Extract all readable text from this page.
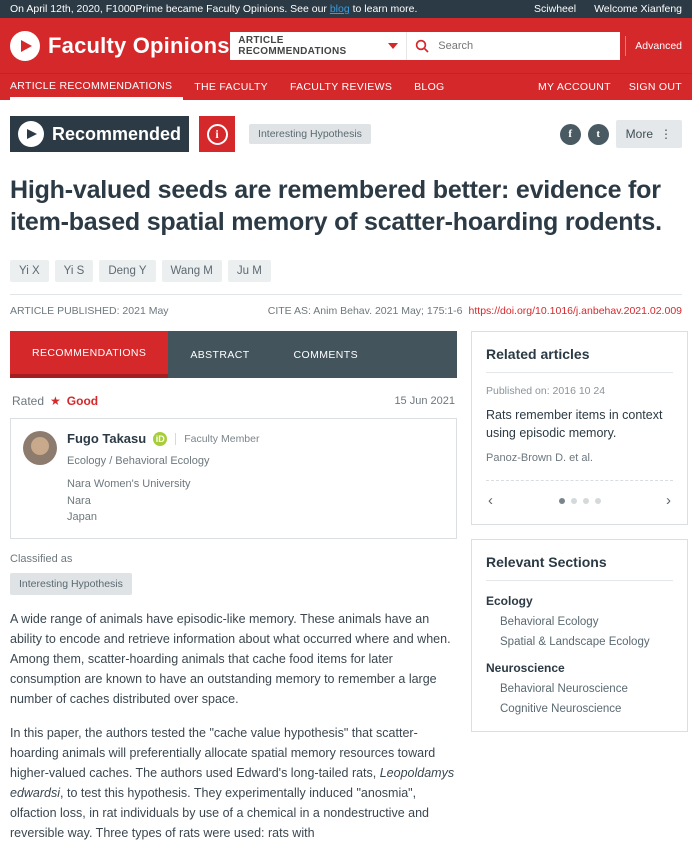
On April 12th, 2020, F1000Prime became Faculty Opinions. See our blog to learn more.	Sciwheel Welcome Xianfeng
Faculty Opinions ARTICLE RECOMMENDATIONS
Search	Advanced
ARTICLE RECOMMENDATIONS	THE FACULTY	FACULTY REVIEWS	BLOG	MY ACCOUNT	SIGN OUT
Recommended	i	Interesting Hypothesis	f	t	More ⋮
High-valued seeds are remembered better: evidence for item-based spatial memory of scatter-hoarding rodents.
Yi X	Yi S	Deng Y	Wang M	Ju M
ARTICLE PUBLISHED: 2021 May	CITE AS: Anim Behav. 2021 May; 175:1-6 https://doi.org/10.1016/j.anbehav.2021.02.009
RECOMMENDATIONS	ABSTRACT	COMMENTS
Rated ★ Good	15 Jun 2021
Fugo Takasu iD	Faculty Member
Ecology / Behavioral Ecology
Nara Women's University
Nara
Japan
Classified as
Interesting Hypothesis

A wide range of animals have episodic-like memory. These animals have an ability to encode and retrieve information about what occurred where and when. Among them, scatter-hoarding animals that cache food items for later consumption are known to have an outstanding memory to remember a large number of caches distributed over space.

In this paper, the authors tested the "cache value hypothesis" that scatter-hoarding animals will preferentially allocate spatial memory resources toward higher-valued caches. The authors used Edward's long-tailed rats, Leopoldamys edwardsi, to test this hypothesis. They experimentally induced "anosmia", olfaction loss, in rat individuals by use of a chemical in a nondestructive and reversible way. Three types of rats were used: rats with

Related articles
Published on: 2016 10 24
Rats remember items in context using episodic memory.
Panoz-Brown D. et al.
‹	›
Relevant Sections
Ecology
Behavioral Ecology
Spatial & Landscape Ecology
Neuroscience
Behavioral Neuroscience
Cognitive Neuroscience
